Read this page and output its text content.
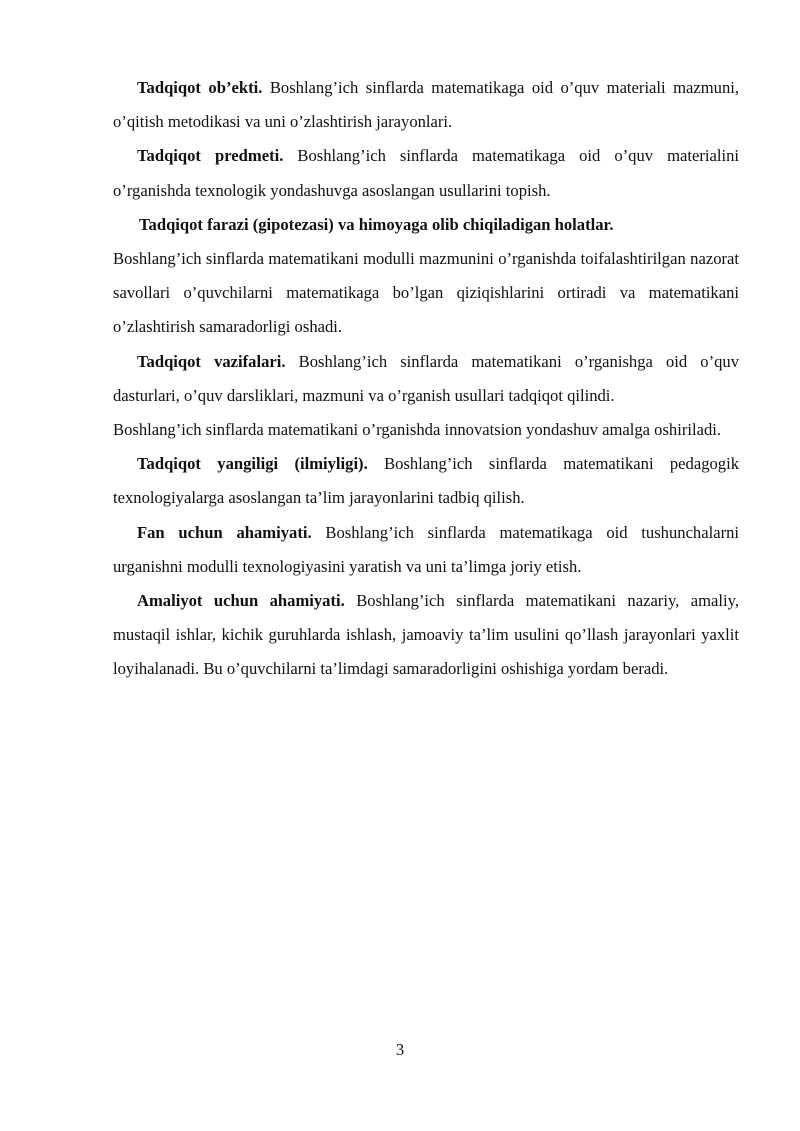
Tadqiqot ob’ekti. Boshlang’ich sinflarda matematikaga oid o’quv materiali mazmuni, o’qitish metodikasi va uni o’zlashtirish jarayonlari.

Tadqiqot predmeti. Boshlang’ich sinflarda matematikaga oid o’quv materialini o’rganishda texnologik yondashuvga asoslangan usullarini topish.

Tadqiqot farazi (gipotezasi) va himoyaga olib chiqiladigan holatlar.

Boshlang’ich sinflarda matematikani modulli mazmunini o’rganishda toifalashtirilgan nazorat savollari o’quvchilarni matematikaga bo’lgan qiziqishlarini ortiradi va matematikani o’zlashtirish samaradorligi oshadi.

Tadqiqot vazifalari. Boshlang’ich sinflarda matematikani o’rganishga oid o’quv dasturlari, o’quv darsliklari, mazmuni va o’rganish usullari tadqiqot qilindi.

Boshlang’ich sinflarda matematikani o’rganishda innovatsion yondashuv amalga oshiriladi.

Tadqiqot yangiligi (ilmiyligi). Boshlang’ich sinflarda matematikani pedagogik texnologiyalarga asoslangan ta’lim jarayonlarini tadbiq qilish.

Fan uchun ahamiyati. Boshlang’ich sinflarda matematikaga oid tushunchalarni urganishni modulli texnologiyasini yaratish va uni ta’limga joriy etish.

Amaliyot uchun ahamiyati. Boshlang’ich sinflarda matematikani nazariy, amaliy, mustaqil ishlar, kichik guruhlarda ishlash, jamoaviy ta’lim usulini qo’llash jarayonlari yaxlit loyihalanadi. Bu o’quvchilarni ta’limdagi samaradorligini oshishiga yordam beradi.

3
